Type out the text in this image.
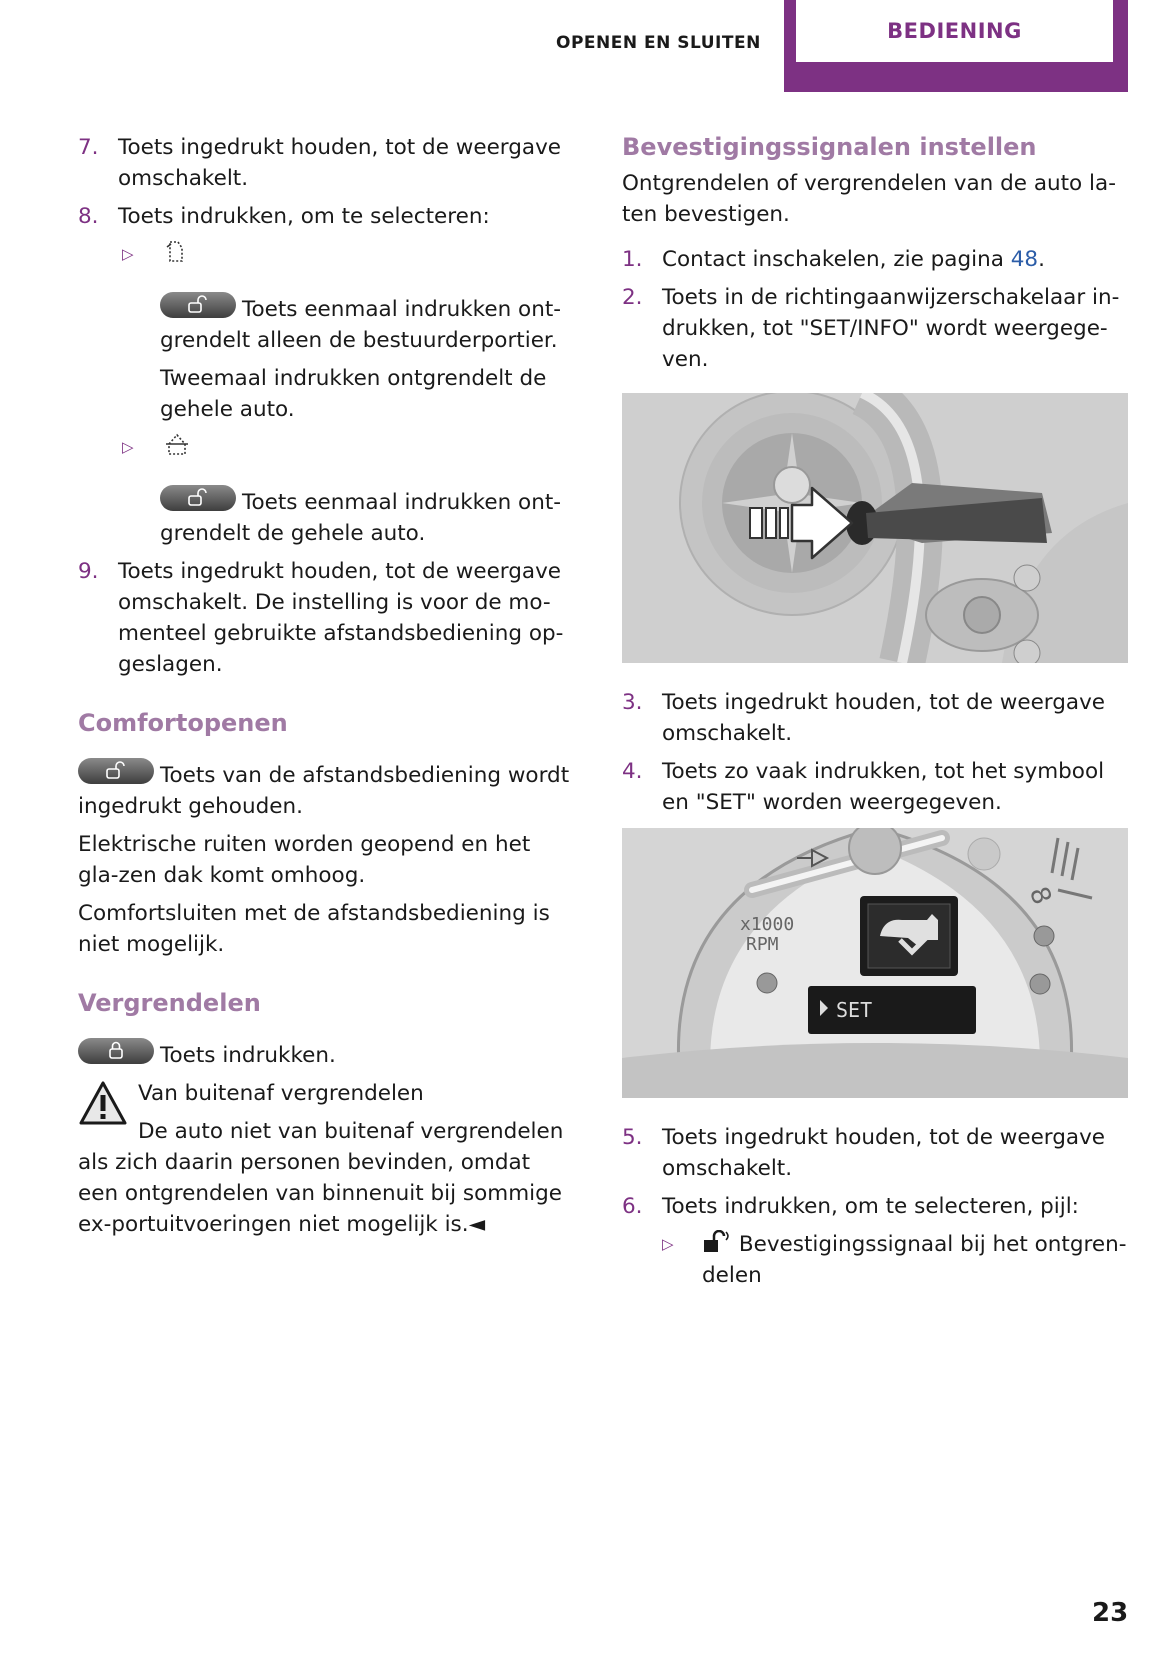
OPENEN EN SLUITEN	BEDIENING
7. Toets ingedrukt houden, tot de weergave omschakelt.
8. Toets indrukken, om te selecteren:
▷

Toets eenmaal indrukken ont-grendelt alleen de bestuurderportier.

Tweemaal indrukken ontgrendelt de gehele auto.

▷

Toets eenmaal indrukken ont-grendelt de gehele auto.

9. Toets ingedrukt houden, tot de weergave omschakelt. De instelling is voor de mo-menteel gebruikte afstandsbediening op-geslagen.
Comfortopenen

Toets van de afstandsbediening wordt ingedrukt gehouden.

Elektrische ruiten worden geopend en het gla-zen dak komt omhoog.

Comfortsluiten met de afstandsbediening is niet mogelijk.

Vergrendelen

Toets indrukken.

Van buitenaf vergrendelen

De auto niet van buitenaf vergrendelen als zich daarin personen bevinden, omdat een ontgrendelen van binnenuit bij sommige ex-portuitvoeringen niet mogelijk is.◄

Bevestigingssignalen instellen

Ontgrendelen of vergrendelen van de auto la-ten bevestigen.

1. Contact inschakelen, zie pagina 48.
2. Toets in de richtingaanwijzerschakelaar in-drukken, tot "SET/INFO" wordt weergege-ven.
3. Toets ingedrukt houden, tot de weergave omschakelt.
4. Toets zo vaak indrukken, tot het symbool en "SET" worden weergegeven.
x1000
RPM
SET
8
5. Toets ingedrukt houden, tot de weergave omschakelt.
6. Toets indrukken, om te selecteren, pijl:
▷	Bevestigingssignaal bij het ontgren-delen
23
